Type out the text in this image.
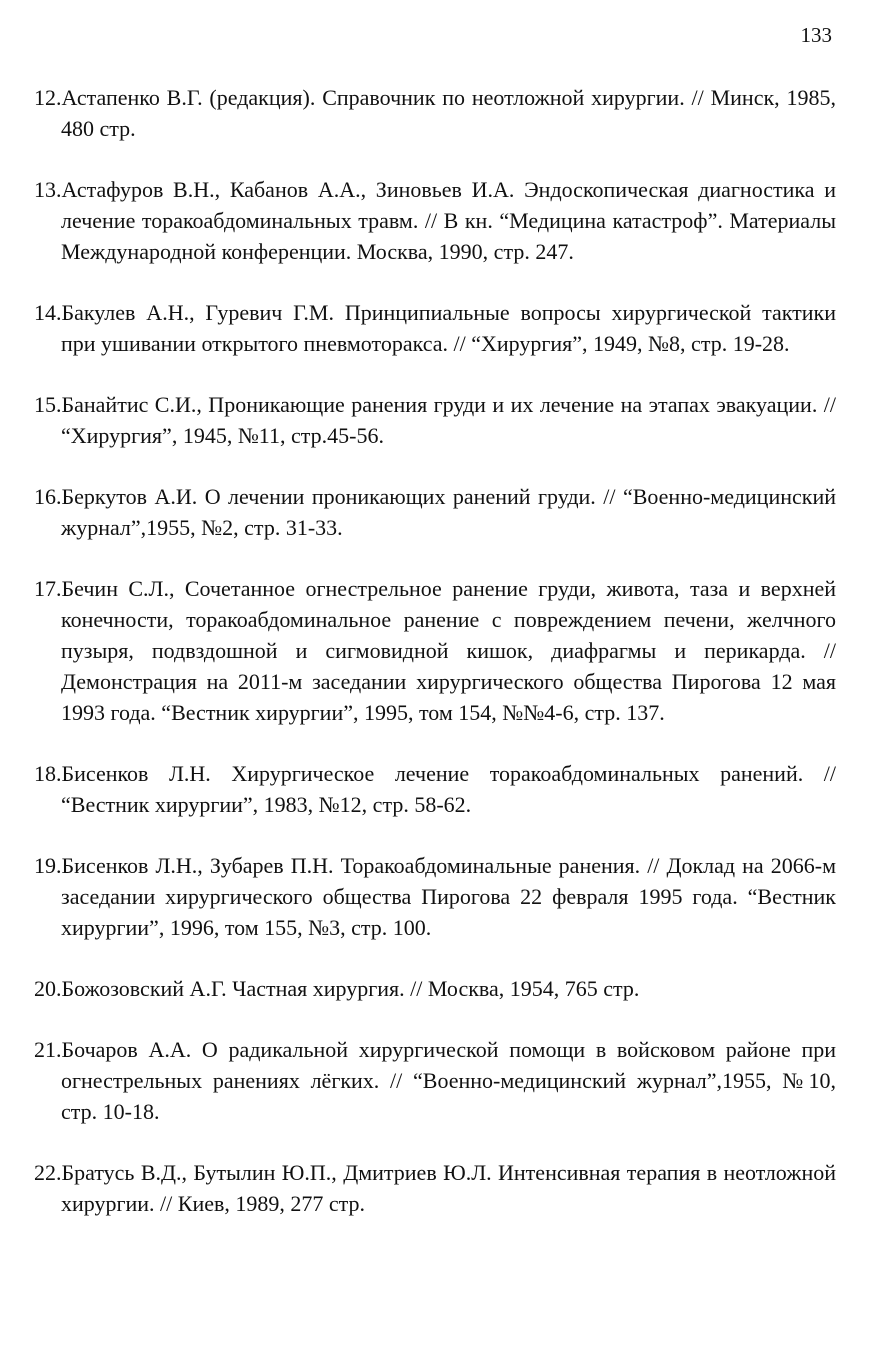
133
12.Астапенко В.Г. (редакция). Справочник по неотложной хирургии. // Минск, 1985, 480 стр.
13.Астафуров В.Н., Кабанов А.А., Зиновьев И.А. Эндоскопическая диагностика и лечение торакоабдоминальных травм. // В кн. “Медицина катастроф”. Материалы Международной конференции. Москва, 1990, стр. 247.
14.Бакулев А.Н., Гуревич Г.М. Принципиальные вопросы хирургической тактики при ушивании открытого пневмоторакса. // “Хирургия”, 1949, №8, стр. 19-28.
15.Банайтис С.И., Проникающие ранения груди и их лечение на этапах эвакуации. // “Хирургия”, 1945, №11, стр.45-56.
16.Беркутов А.И. О лечении проникающих ранений груди. // “Военно-медицинский журнал”,1955, №2, стр. 31-33.
17.Бечин С.Л., Сочетанное огнестрельное ранение груди, живота, таза и верхней конечности, торакоабдоминальное ранение с повреждением печени, желчного пузыря, подвздошной и сигмовидной кишок, диафрагмы и перикарда. // Демонстрация на 2011-м заседании хирургического общества Пирогова 12 мая 1993 года. “Вестник хирургии”, 1995, том 154, №№4-6, стр. 137.
18.Бисенков Л.Н. Хирургическое лечение торакоабдоминальных ранений. // “Вестник хирургии”, 1983, №12, стр. 58-62.
19.Бисенков Л.Н., Зубарев П.Н. Торакоабдоминальные ранения. // Доклад на 2066-м заседании хирургического общества Пирогова 22 февраля 1995 года. “Вестник хирургии”, 1996, том 155, №3, стр. 100.
20.Божозовский А.Г. Частная хирургия. // Москва, 1954, 765 стр.
21.Бочаров А.А. О радикальной хирургической помощи в войсковом районе при огнестрельных ранениях лёгких. // “Военно-медицинский журнал”,1955, №10, стр. 10-18.
22.Братусь В.Д., Бутылин Ю.П., Дмитриев Ю.Л. Интенсивная терапия в неотложной хирургии. // Киев, 1989, 277 стр.
